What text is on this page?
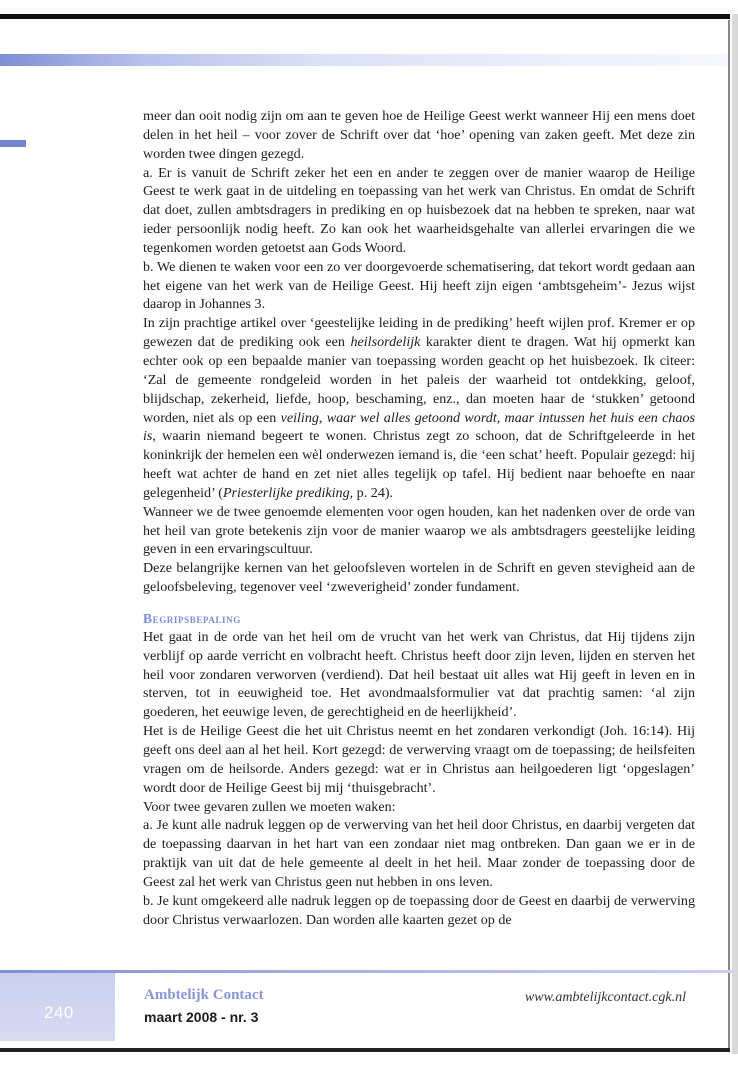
meer dan ooit nodig zijn om aan te geven hoe de Heilige Geest werkt wanneer Hij een mens doet delen in het heil – voor zover de Schrift over dat ‘hoe’ opening van zaken geeft. Met deze zin worden twee dingen gezegd.

a. Er is vanuit de Schrift zeker het een en ander te zeggen over de manier waarop de Heilige Geest te werk gaat in de uitdeling en toepassing van het werk van Christus. En omdat de Schrift dat doet, zullen ambtsdragers in prediking en op huisbezoek dat na hebben te spreken, naar wat ieder persoonlijk nodig heeft. Zo kan ook het waarheidsgehalte van allerlei ervaringen die we tegenkomen worden getoetst aan Gods Woord.

b. We dienen te waken voor een zo ver doorgevoerde schematisering, dat tekort wordt gedaan aan het eigene van het werk van de Heilige Geest. Hij heeft zijn eigen ‘ambtsgeheim’- Jezus wijst daarop in Johannes 3.

In zijn prachtige artikel over ‘geestelijke leiding in de prediking’ heeft wijlen prof. Kremer er op gewezen dat de prediking ook een heilsordelijk karakter dient te dragen. Wat hij opmerkt kan echter ook op een bepaalde manier van toepassing worden geacht op het huisbezoek. Ik citeer: ‘Zal de gemeente rondgeleid worden in het paleis der waarheid tot ontdekking, geloof, blijdschap, zekerheid, liefde, hoop, beschaming, enz., dan moeten haar de ‘stukken’ getoond worden, niet als op een veiling, waar wel alles getoond wordt, maar intussen het huis een chaos is, waarin niemand begeert te wonen. Christus zegt zo schoon, dat de Schriftgeleerde in het koninkrijk der hemelen een wèl onderwezen iemand is, die ‘een schat’ heeft. Populair gezegd: hij heeft wat achter de hand en zet niet alles tegelijk op tafel. Hij bedient naar behoefte en naar gelegenheid’ (Priesterlijke prediking, p. 24).

Wanneer we de twee genoemde elementen voor ogen houden, kan het nadenken over de orde van het heil van grote betekenis zijn voor de manier waarop we als ambtsdragers geestelijke leiding geven in een ervaringscultuur.

Deze belangrijke kernen van het geloofsleven wortelen in de Schrift en geven stevigheid aan de geloofsbeleving, tegenover veel ‘zweverigheid’ zonder fundament.

Begripsbepaling

Het gaat in de orde van het heil om de vrucht van het werk van Christus, dat Hij tijdens zijn verblijf op aarde verricht en volbracht heeft. Christus heeft door zijn leven, lijden en sterven het heil voor zondaren verworven (verdiend). Dat heil bestaat uit alles wat Hij geeft in leven en in sterven, tot in eeuwigheid toe. Het avondmaalsformulier vat dat prachtig samen: ‘al zijn goederen, het eeuwige leven, de gerechtigheid en de heerlijkheid’.

Het is de Heilige Geest die het uit Christus neemt en het zondaren verkondigt (Joh. 16:14). Hij geeft ons deel aan al het heil. Kort gezegd: de verwerving vraagt om de toepassing; de heilsfeiten vragen om de heilsorde. Anders gezegd: wat er in Christus aan heilgoederen ligt ‘opgeslagen’ wordt door de Heilige Geest bij mij ‘thuisgebracht’.

Voor twee gevaren zullen we moeten waken:

a. Je kunt alle nadruk leggen op de verwerving van het heil door Christus, en daarbij vergeten dat de toepassing daarvan in het hart van een zondaar niet mag ontbreken. Dan gaan we er in de praktijk van uit dat de hele gemeente al deelt in het heil. Maar zonder de toepassing door de Geest zal het werk van Christus geen nut hebben in ons leven.

b. Je kunt omgekeerd alle nadruk leggen op de toepassing door de Geest en daarbij de verwerving door Christus verwaarlozen. Dan worden alle kaarten gezet op de

240
Ambtelijk Contact
maart 2008 - nr. 3
www.ambtelijkcontact.cgk.nl
